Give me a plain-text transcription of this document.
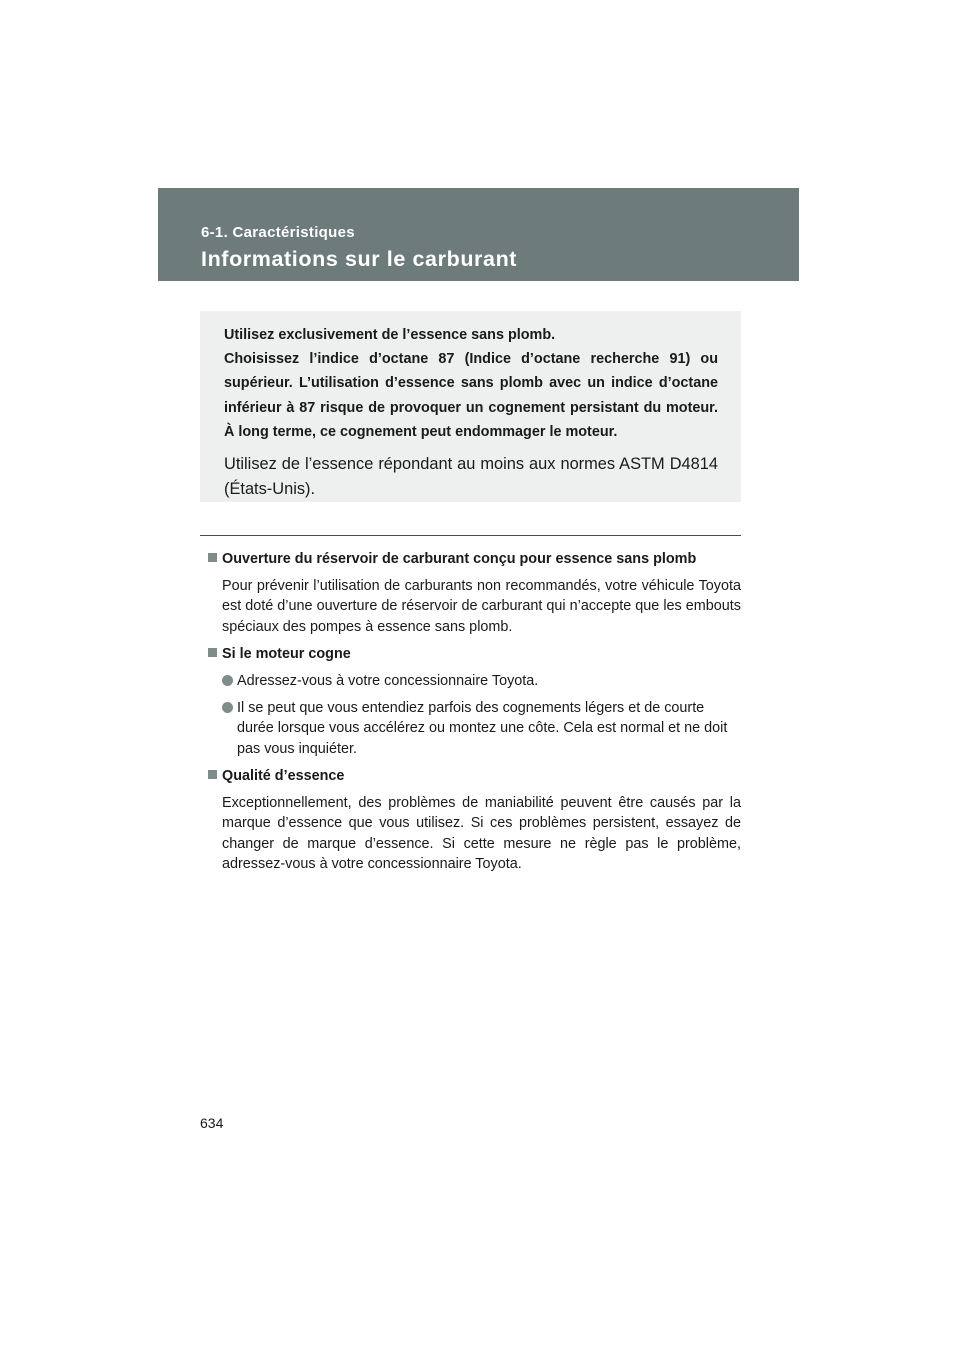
6-1. Caractéristiques

Informations sur le carburant

Utilisez exclusivement de l’essence sans plomb.
Choisissez l’indice d’octane 87 (Indice d’octane recherche 91) ou supérieur. L’utilisation d’essence sans plomb avec un indice d’octane inférieur à 87 risque de provoquer un cognement persistant du moteur. À long terme, ce cognement peut endommager le moteur.

Utilisez de l’essence répondant au moins aux normes ASTM D4814 (États-Unis).

Ouverture du réservoir de carburant conçu pour essence sans plomb

Pour prévenir l’utilisation de carburants non recommandés, votre véhicule Toyota est doté d’une ouverture de réservoir de carburant qui n’accepte que les embouts spéciaux des pompes à essence sans plomb.

Si le moteur cogne
Adressez-vous à votre concessionnaire Toyota.
Il se peut que vous entendiez parfois des cognements légers et de courte durée lorsque vous accélérez ou montez une côte. Cela est normal et ne doit pas vous inquiéter.
Qualité d’essence

Exceptionnellement, des problèmes de maniabilité peuvent être causés par la marque d’essence que vous utilisez. Si ces problèmes persistent, essayez de changer de marque d’essence. Si cette mesure ne règle pas le problème, adressez-vous à votre concessionnaire Toyota.

634
